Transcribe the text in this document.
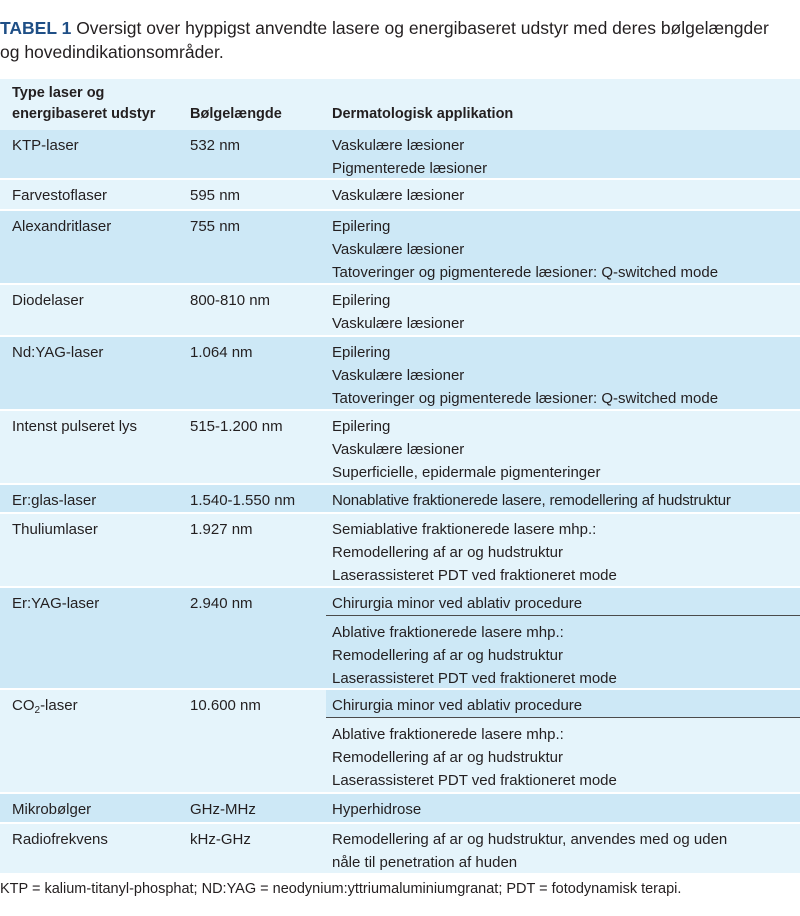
TABEL 1 Oversigt over hyppigst anvendte lasere og energibaseret udstyr med deres bølgelængder og hovedindikationsområder.
Type laser og
energibaseret udstyr	Bølgelængde	Dermatologisk applikation
KTP-laser	532 nm	Vaskulære læsioner
Pigmenterede læsioner
Farvestoflaser	595 nm	Vaskulære læsioner
Alexandritlaser	755 nm	Epilering
Vaskulære læsioner
Tatoveringer og pigmenterede læsioner: Q-switched mode
Diodelaser	800-810 nm	Epilering
Vaskulære læsioner
Nd:YAG-laser	1.064 nm	Epilering
Vaskulære læsioner
Tatoveringer og pigmenterede læsioner: Q-switched mode
Intenst pulseret lys	515-1.200 nm	Epilering
Vaskulære læsioner
Superficielle, epidermale pigmenteringer
Er:glas-laser	1.540-1.550 nm	Nonablative fraktionerede lasere, remodellering af hudstruktur
Thuliumlaser	1.927 nm	Semiablative fraktionerede lasere mhp.:
Remodellering af ar og hudstruktur
Laserassisteret PDT ved fraktioneret mode
Er:YAG-laser	2.940 nm	Chirurgia minor ved ablativ procedure
Ablative fraktionerede lasere mhp.:
Remodellering af ar og hudstruktur
Laserassisteret PDT ved fraktioneret mode
$CO_2$-laser	10.600 nm	Chirurgia minor ved ablativ procedure
Ablative fraktionerede lasere mhp.:
Remodellering af ar og hudstruktur
Laserassisteret PDT ved fraktioneret mode
Mikrobølger	GHz-MHz	Hyperhidrose
Radiofrekvens	kHz-GHz	Remodellering af ar og hudstruktur, anvendes med og uden
nåle til penetration af huden
KTP = kalium-titanyl-phosphat; ND:YAG = neodynium:yttriumaluminiumgranat; PDT = fotodynamisk terapi.
